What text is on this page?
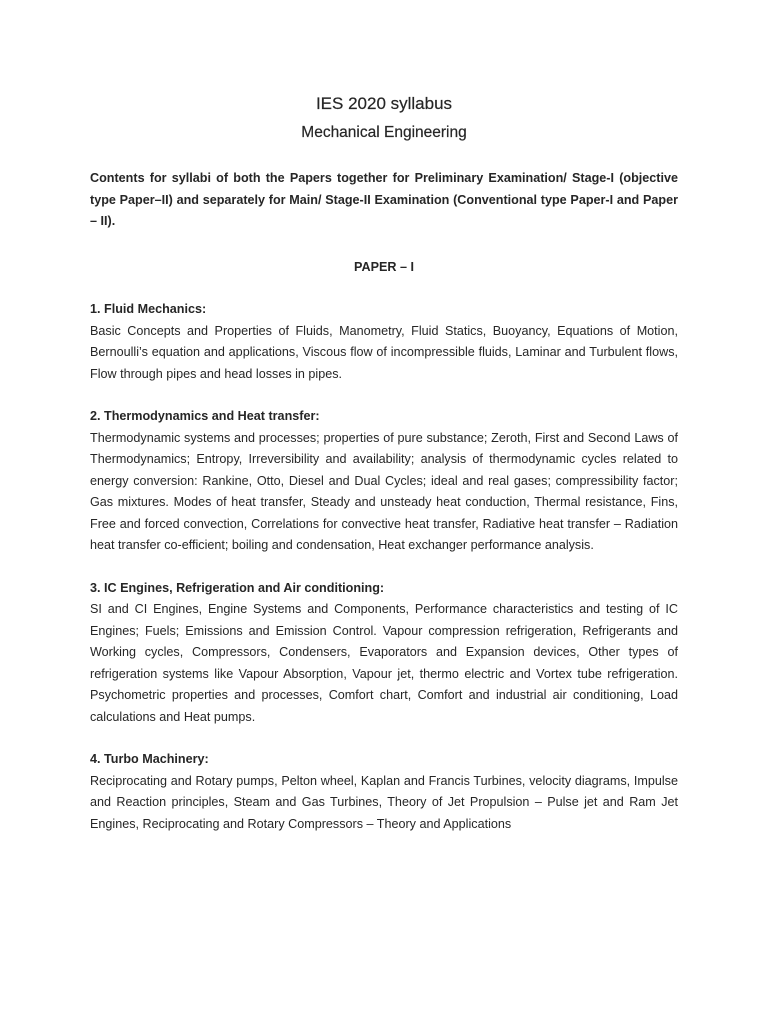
IES 2020 syllabus
Mechanical Engineering

Contents for syllabi of both the Papers together for Preliminary Examination/ Stage-I (objective type Paper–II) and separately for Main/ Stage-II Examination (Conventional type Paper-I and Paper – II).

PAPER – I

1. Fluid Mechanics:

Basic Concepts and Properties of Fluids, Manometry, Fluid Statics, Buoyancy, Equations of Motion, Bernoulli’s equation and applications, Viscous flow of incompressible fluids, Laminar and Turbulent flows, Flow through pipes and head losses in pipes.

2. Thermodynamics and Heat transfer:

Thermodynamic systems and processes; properties of pure substance; Zeroth, First and Second Laws of Thermodynamics; Entropy, Irreversibility and availability; analysis of thermodynamic cycles related to energy conversion: Rankine, Otto, Diesel and Dual Cycles; ideal and real gases; compressibility factor; Gas mixtures. Modes of heat transfer, Steady and unsteady heat conduction, Thermal resistance, Fins, Free and forced convection, Correlations for convective heat transfer, Radiative heat transfer – Radiation heat transfer co-efficient; boiling and condensation, Heat exchanger performance analysis.

3. IC Engines, Refrigeration and Air conditioning:

SI and CI Engines, Engine Systems and Components, Performance characteristics and testing of IC Engines; Fuels; Emissions and Emission Control. Vapour compression refrigeration, Refrigerants and Working cycles, Compressors, Condensers, Evaporators and Expansion devices, Other types of refrigeration systems like Vapour Absorption, Vapour jet, thermo electric and Vortex tube refrigeration. Psychometric properties and processes, Comfort chart, Comfort and industrial air conditioning, Load calculations and Heat pumps.

4. Turbo Machinery:

Reciprocating and Rotary pumps, Pelton wheel, Kaplan and Francis Turbines, velocity diagrams, Impulse and Reaction principles, Steam and Gas Turbines, Theory of Jet Propulsion – Pulse jet and Ram Jet Engines, Reciprocating and Rotary Compressors – Theory and Applications
